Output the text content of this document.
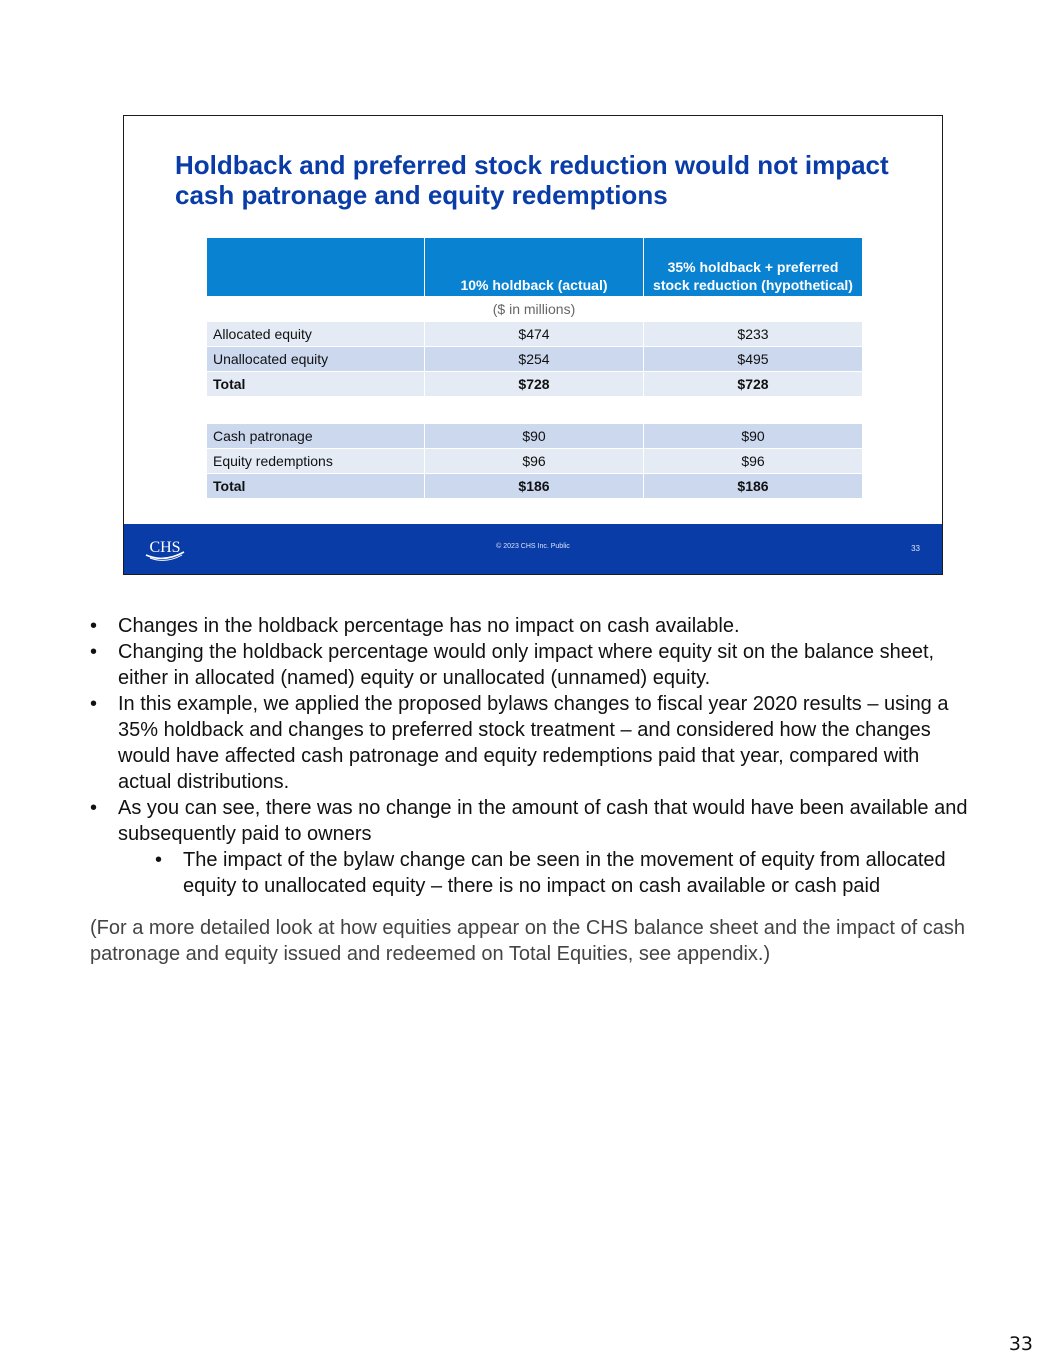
Holdback and preferred stock reduction would not impact cash patronage and equity redemptions
	10% holdback (actual)	35% holdback + preferred stock reduction (hypothetical)
	($ in millions)	
Allocated equity	$474	$233
Unallocated equity	$254	$495
Total	$728	$728

Cash patronage	$90	$90
Equity redemptions	$96	$96
Total	$186	$186
CHS	© 2023 CHS Inc. Public	33
• Changes in the holdback percentage has no impact on cash available.
• Changing the holdback percentage would only impact where equity sit on the balance sheet, either in allocated (named) equity or unallocated (unnamed) equity.
• In this example, we applied the proposed bylaws changes to fiscal year 2020 results – using a 35% holdback and changes to preferred stock treatment – and considered how the changes would have affected cash patronage and equity redemptions paid that year, compared with actual distributions.
• As you can see, there was no change in the amount of cash that would have been available and subsequently paid to owners
• The impact of the bylaw change can be seen in the movement of equity from allocated equity to unallocated equity – there is no impact on cash available or cash paid

(For a more detailed look at how equities appear on the CHS balance sheet and the impact of cash patronage and equity issued and redeemed on Total Equities, see appendix.)

33
